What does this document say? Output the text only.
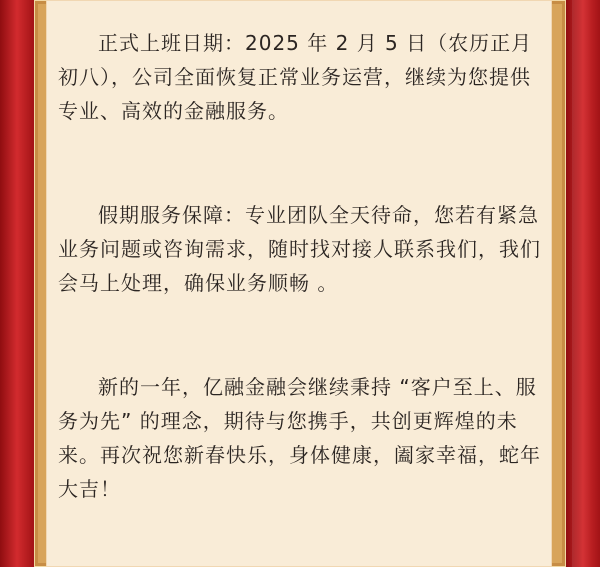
正式上班日期：2025 年 2 月 5 日（农历正月初八），公司全面恢复正常业务运营，继续为您提供专业、高效的金融服务。

假期服务保障：专业团队全天待命，您若有紧急业务问题或咨询需求，随时找对接人联系我们，我们会马上处理，确保业务顺畅 。

新的一年，亿融金融会继续秉持 “客户至上、服务为先” 的理念，期待与您携手，共创更辉煌的未来。再次祝您新春快乐，身体健康，阖家幸福，蛇年大吉！
